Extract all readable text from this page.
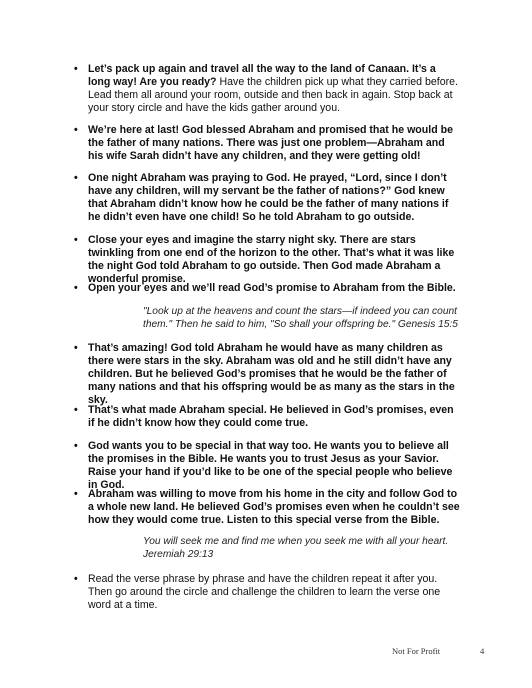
• Let’s pack up again and travel all the way to the land of Canaan. It’s a long way! Are you ready? Have the children pick up what they carried before. Lead them all around your room, outside and then back in again. Stop back at your story circle and have the kids gather around you.
• We’re here at last! God blessed Abraham and promised that he would be the father of many nations. There was just one problem—Abraham and his wife Sarah didn’t have any children, and they were getting old!
• One night Abraham was praying to God. He prayed, “Lord, since I don’t have any children, will my servant be the father of nations?” God knew that Abraham didn’t know how he could be the father of many nations if he didn’t even have one child! So he told Abraham to go outside.
• Close your eyes and imagine the starry night sky. There are stars twinkling from one end of the horizon to the other. That’s what it was like the night God told Abraham to go outside. Then God made Abraham a wonderful promise.
• Open your eyes and we’ll read God’s promise to Abraham from the Bible.
"Look up at the heavens and count the stars—if indeed you can count them." Then he said to him, "So shall your offspring be." Genesis 15:5
• That’s amazing! God told Abraham he would have as many children as there were stars in the sky. Abraham was old and he still didn’t have any children. But he believed God’s promises that he would be the father of many nations and that his offspring would be as many as the stars in the sky.
• That’s what made Abraham special. He believed in God’s promises, even if he didn’t know how they could come true.
• God wants you to be special in that way too. He wants you to believe all the promises in the Bible. He wants you to trust Jesus as your Savior. Raise your hand if you’d like to be one of the special people who believe in God.
• Abraham was willing to move from his home in the city and follow God to a whole new land. He believed God’s promises even when he couldn’t see how they would come true. Listen to this special verse from the Bible.
You will seek me and find me when you seek me with all your heart. Jeremiah 29:13
• Read the verse phrase by phrase and have the children repeat it after you. Then go around the circle and challenge the children to learn the verse one word at a time.
Not For Profit	4
